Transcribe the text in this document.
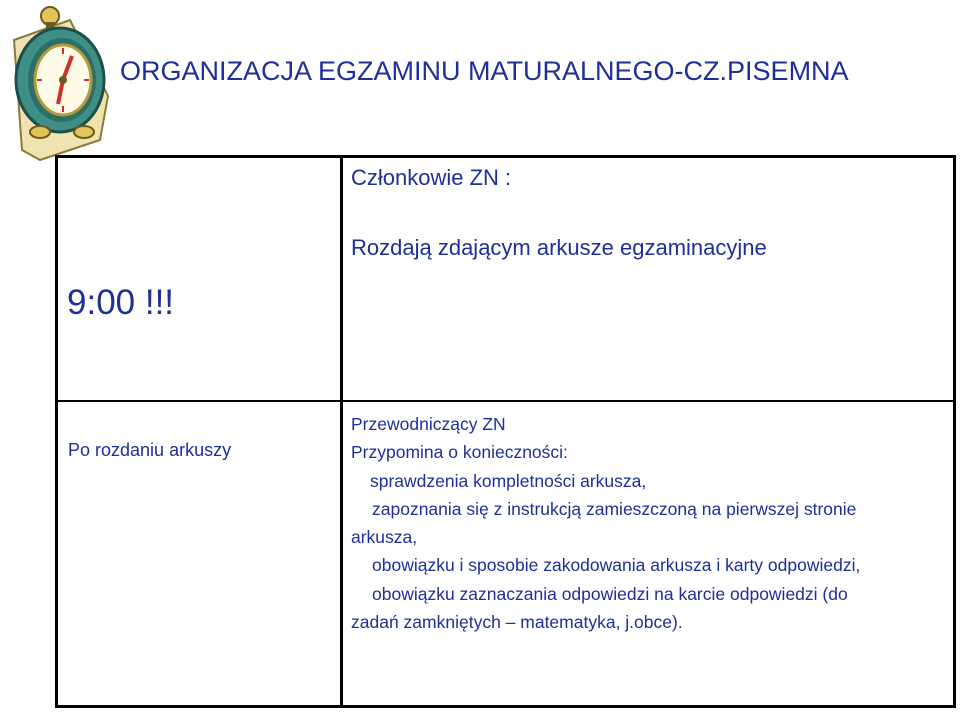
ORGANIZACJA EGZAMINU MATURALNEGO-CZ.PISEMNA
9:00 !!!
Członkowie ZN :
Rozdają zdającym arkusze egzaminacyjne
Po rozdaniu arkuszy
Przewodniczący ZN
Przypomina o konieczności:
sprawdzenia kompletności arkusza,
zapoznania się z instrukcją zamieszczoną na pierwszej stronie
arkusza,
obowiązku i sposobie zakodowania arkusza i karty odpowiedzi,
obowiązku zaznaczania odpowiedzi na karcie odpowiedzi (do
zadań zamkniętych – matematyka, j.obce).
